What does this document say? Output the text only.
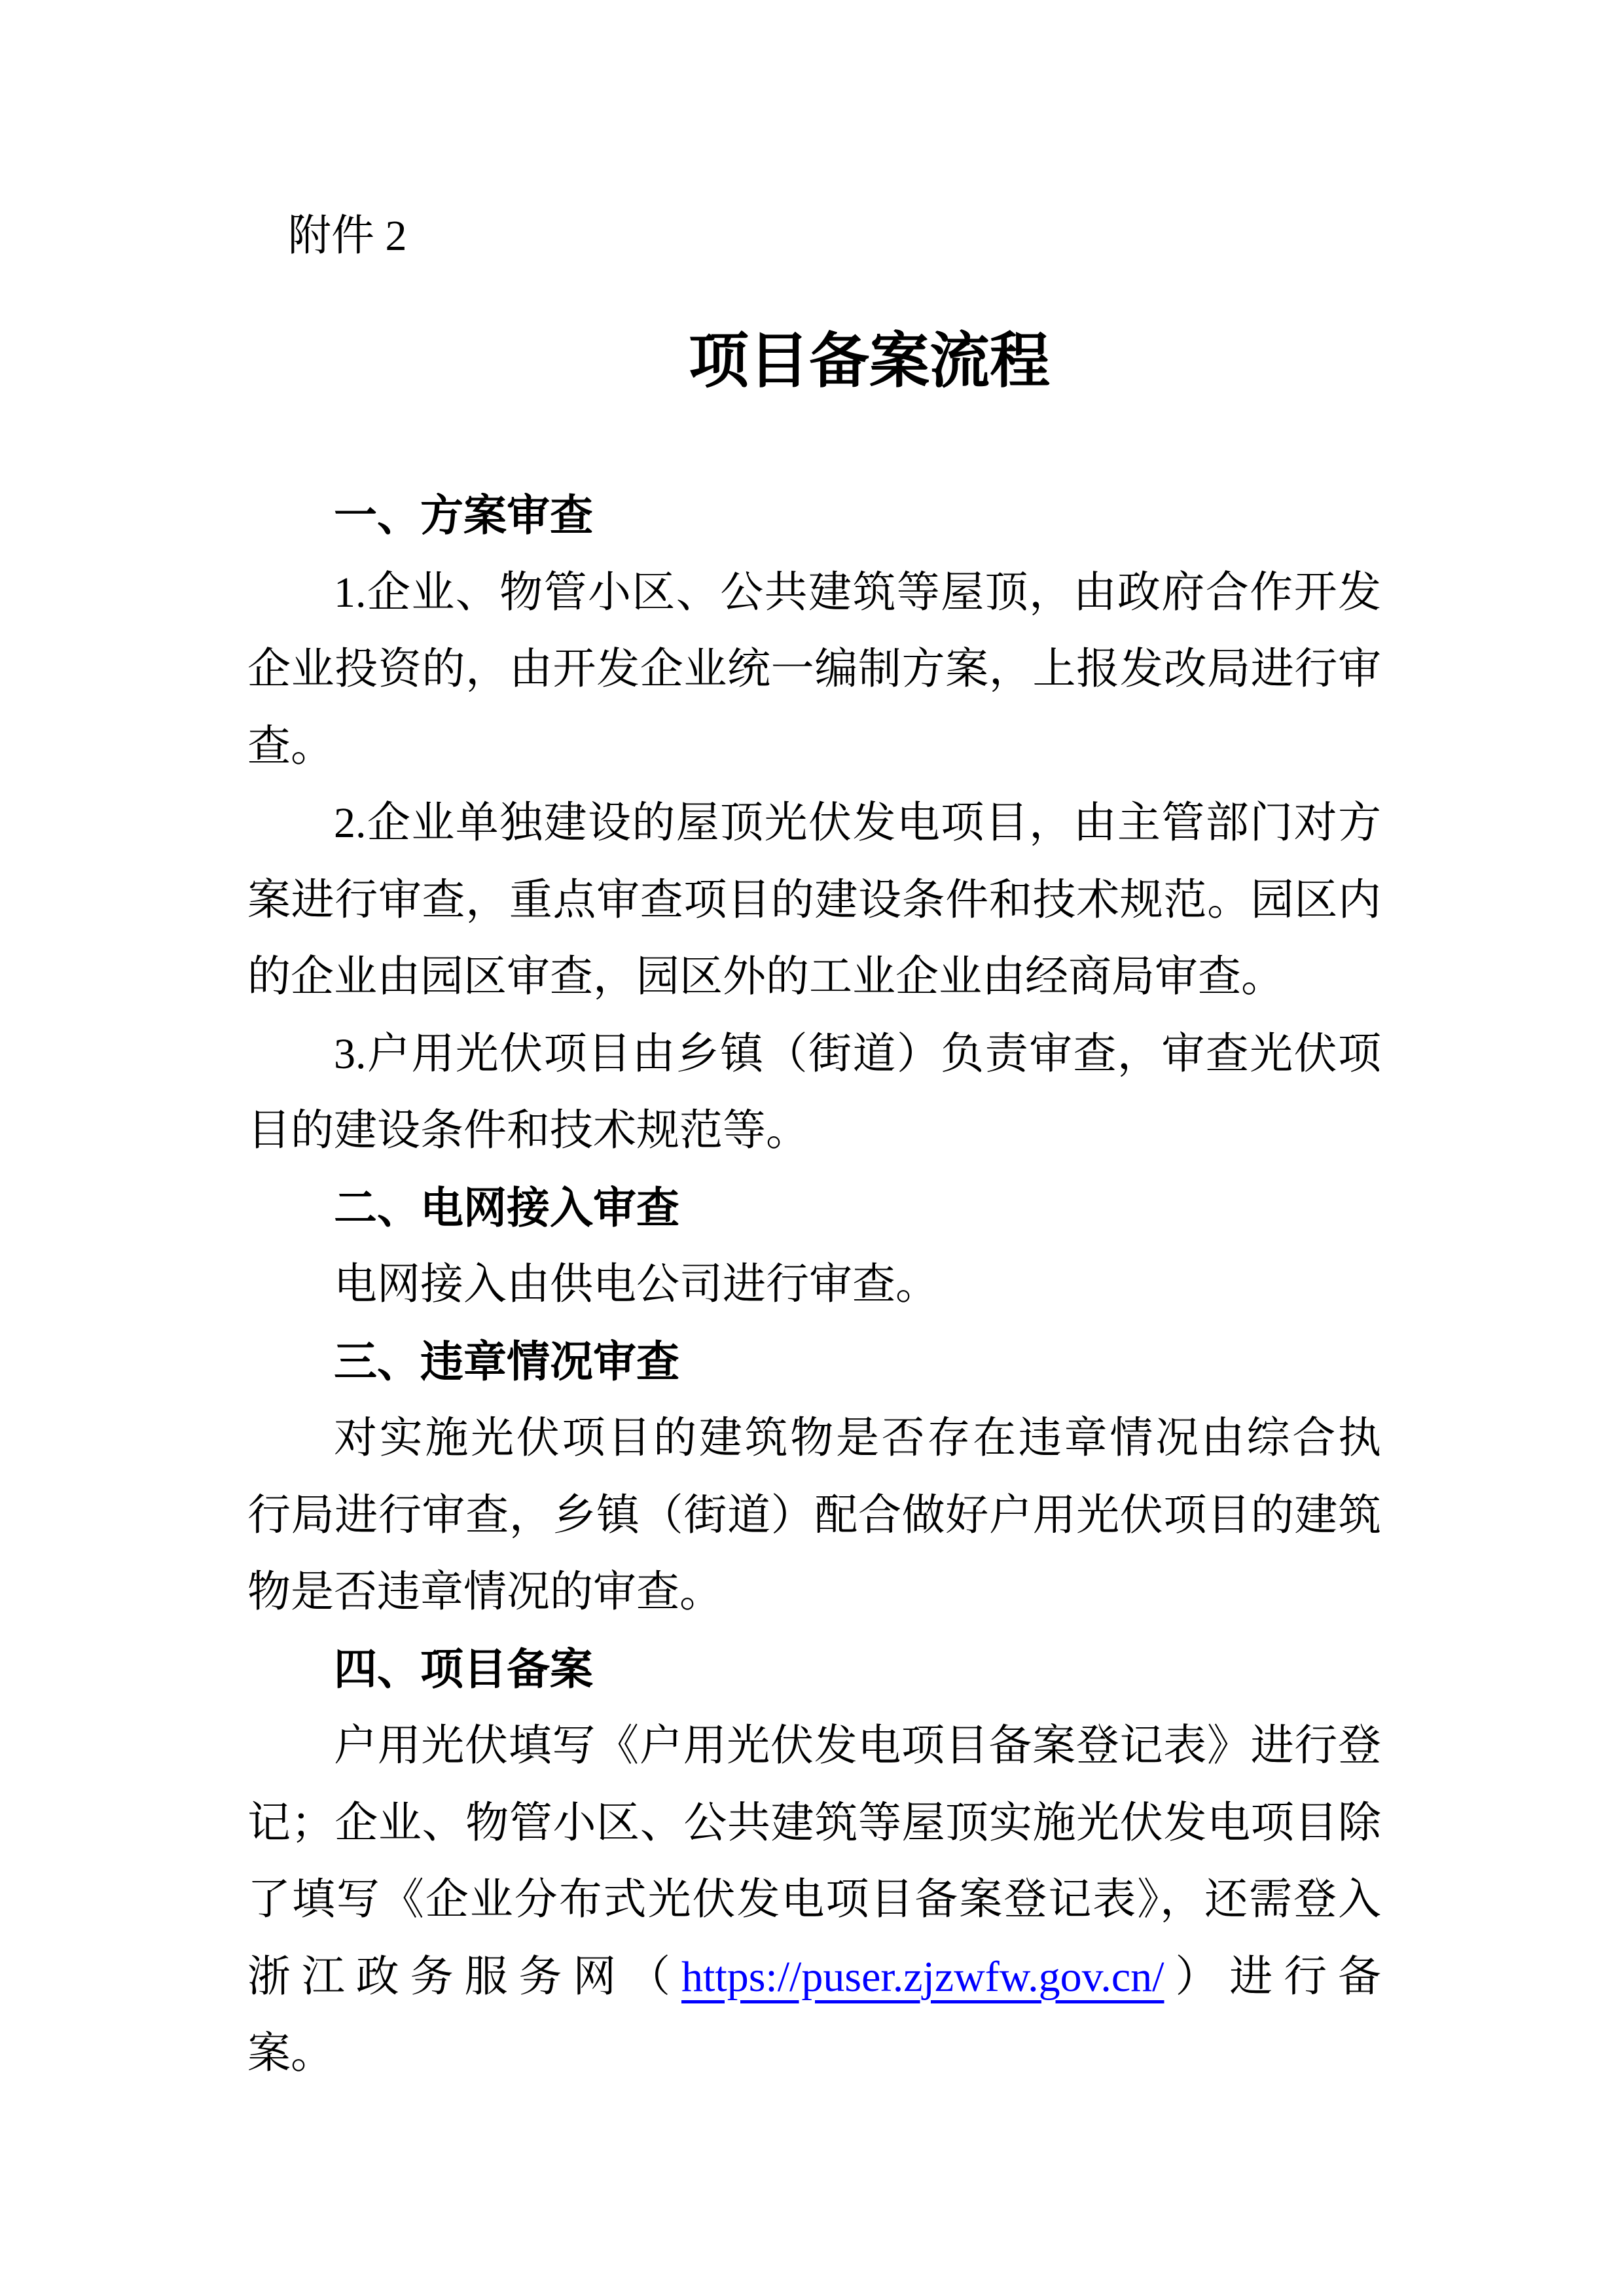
附件 2
项目备案流程
一、方案审查
1.企业、物管小区、公共建筑等屋顶，由政府合作开发
企业投资的，由开发企业统一编制方案，上报发改局进行审
查。
2.企业单独建设的屋顶光伏发电项目，由主管部门对方
案进行审查，重点审查项目的建设条件和技术规范。园区内
的企业由园区审查，园区外的工业企业由经商局审查。
3.户用光伏项目由乡镇（街道）负责审查，审查光伏项
目的建设条件和技术规范等。
二、电网接入审查
电网接入由供电公司进行审查。
三、违章情况审查
对实施光伏项目的建筑物是否存在违章情况由综合执
行局进行审查，乡镇（街道）配合做好户用光伏项目的建筑
物是否违章情况的审查。
四、项目备案
户用光伏填写《户用光伏发电项目备案登记表》进行登
记；企业、物管小区、公共建筑等屋顶实施光伏发电项目除
了填写《企业分布式光伏发电项目备案登记表》，还需登入
浙江政务服务网（https://puser.zjzwfw.gov.cn/）进行备
案。
